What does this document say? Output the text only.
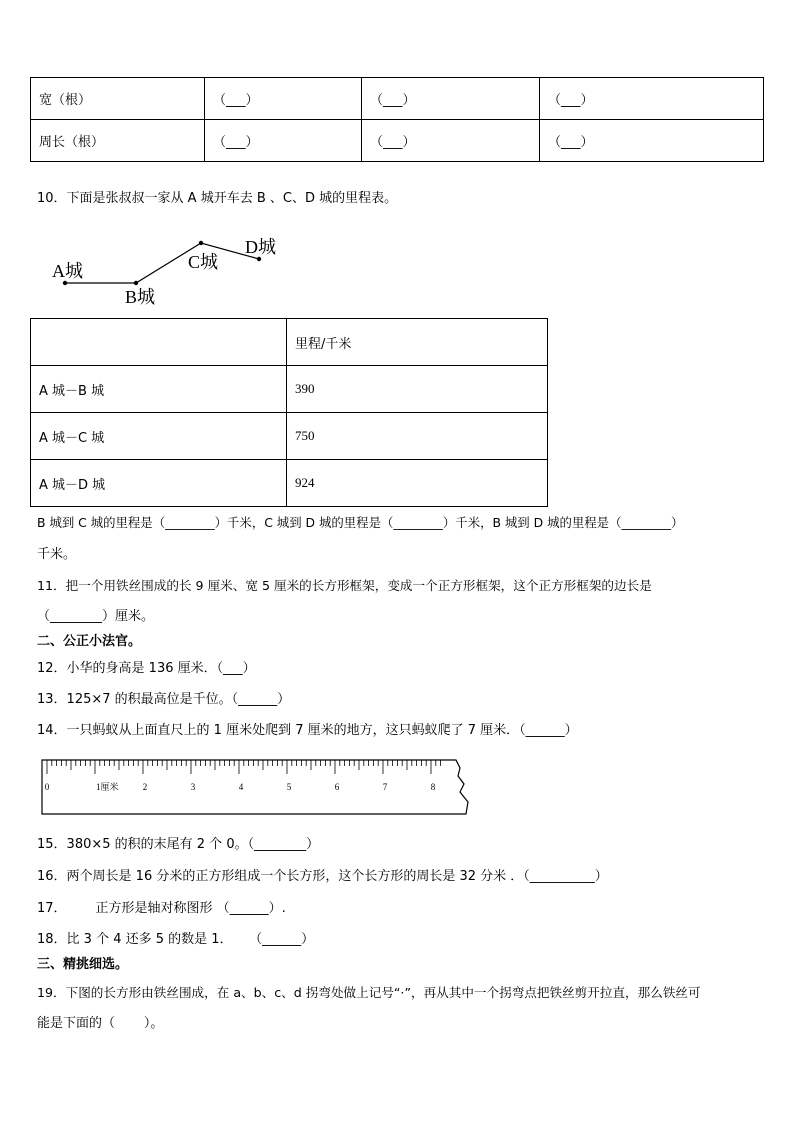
宽（根）	（___）	（___）	（___）
周长（根）	（___）	（___）	（___）
10．下面是张叔叔一家从 A 城开车去 B 、C、D 城的里程表。
A城
B城
C城
D城
	里程/千米
A 城－B 城	390
A 城－C 城	750
A 城－D 城	924
B 城到 C 城的里程是（________）千米，C 城到 D 城的里程是（________）千米，B 城到 D 城的里程是（________）
千米。
11．把一个用铁丝围成的长 9 厘米、宽 5 厘米的长方形框架，变成一个正方形框架，这个正方形框架的边长是
（________）厘米。
二、公正小法官。
12．小华的身高是 136 厘米．（___）
13．125×7 的积最高位是千位。（______）
14．一只蚂蚁从上面直尺上的 1 厘米处爬到 7 厘米的地方，这只蚂蚁爬了 7 厘米．（______）
0	1厘米	2	3	4	5	6	7	8
15．380×5 的积的末尾有 2 个 0。（________）
16．两个周长是 16 分米的正方形组成一个长方形，这个长方形的周长是 32 分米 ．（__________）
17．       正方形是轴对称图形 （______）.
18．比 3 个 4 还多 5 的数是 1．    （______）
三、精挑细选。
19．下图的长方形由铁丝围成，在 a、b、c、d 拐弯处做上记号“·”，再从其中一个拐弯点把铁丝剪开拉直，那么铁丝可
能是下面的（       ）。
